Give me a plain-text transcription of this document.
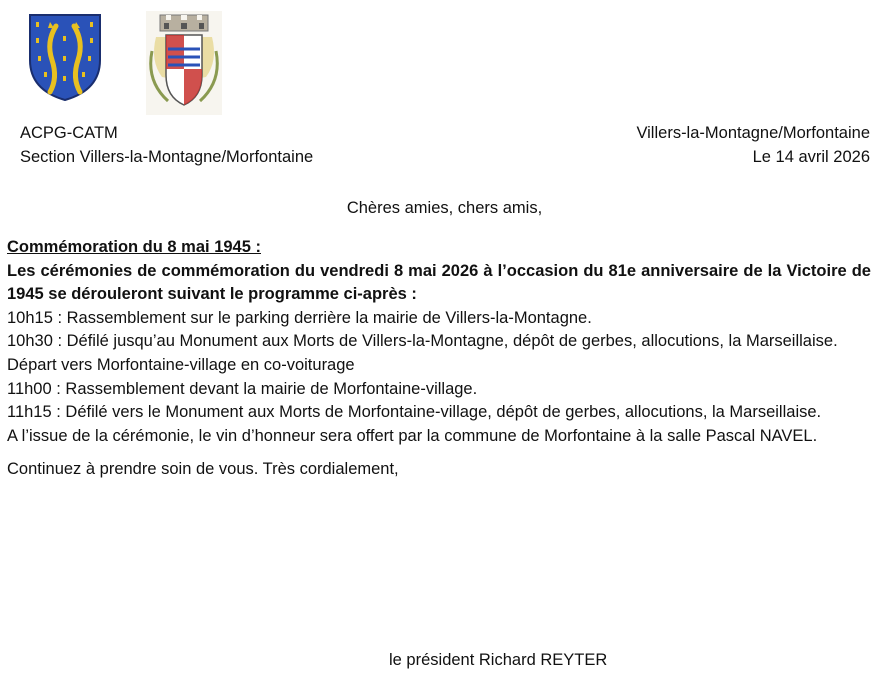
ACPG-CATM
Section Villers-la-Montagne/Morfontaine
Villers-la-Montagne/Morfontaine
Le 14 avril 2026
Chères amies, chers amis,

Commémoration du 8 mai 1945 :

Les cérémonies de commémoration du vendredi 8 mai 2026 à l’occasion du 81e anniversaire de la Victoire de 1945 se dérouleront suivant le programme ci-après :

10h15 : Rassemblement sur le parking derrière la mairie de Villers-la-Montagne.

10h30 : Défilé jusqu’au Monument aux Morts de Villers-la-Montagne, dépôt de gerbes, allocutions, la Marseillaise.

Départ vers Morfontaine-village en co-voiturage

11h00 : Rassemblement devant la mairie de Morfontaine-village.

11h15 : Défilé vers le Monument aux Morts de Morfontaine-village, dépôt de gerbes, allocutions, la Marseillaise.

A l’issue de la cérémonie, le vin d’honneur sera offert par la commune de Morfontaine à la salle Pascal NAVEL.

Continuez à prendre soin de vous. Très cordialement,

le président Richard REYTER
